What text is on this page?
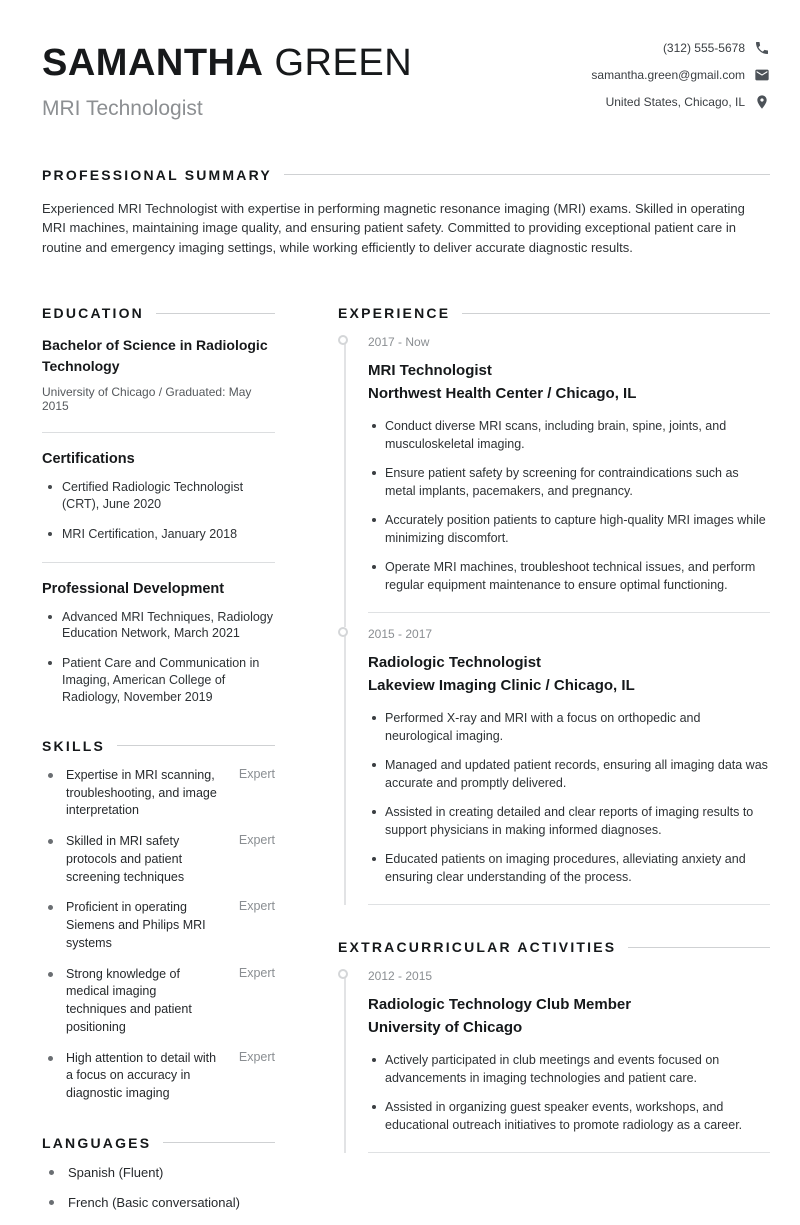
SAMANTHA GREEN
MRI Technologist
(312) 555-5678
samantha.green@gmail.com
United States, Chicago, IL
PROFESSIONAL SUMMARY

Experienced MRI Technologist with expertise in performing magnetic resonance imaging (MRI) exams. Skilled in operating MRI machines, maintaining image quality, and ensuring patient safety. Committed to providing exceptional patient care in routine and emergency imaging settings, while working efficiently to deliver accurate diagnostic results.

EDUCATION
Bachelor of Science in Radiologic Technology
University of Chicago / Graduated: May 2015
Certifications
Certified Radiologic Technologist (CRT), June 2020
MRI Certification, January 2018
Professional Development
Advanced MRI Techniques, Radiology Education Network, March 2021
Patient Care and Communication in Imaging, American College of Radiology, November 2019
SKILLS
Expertise in MRI scanning, troubleshooting, and image interpretation
Expert
Skilled in MRI safety protocols and patient screening techniques
Expert
Proficient in operating Siemens and Philips MRI systems
Expert
Strong knowledge of medical imaging techniques and patient positioning
Expert
High attention to detail with a focus on accuracy in diagnostic imaging
Expert
LANGUAGES
Spanish (Fluent)
French (Basic conversational)
EXPERIENCE
2017 - Now
MRI Technologist
Northwest Health Center / Chicago, IL
Conduct diverse MRI scans, including brain, spine, joints, and musculoskeletal imaging.
Ensure patient safety by screening for contraindications such as metal implants, pacemakers, and pregnancy.
Accurately position patients to capture high-quality MRI images while minimizing discomfort.
Operate MRI machines, troubleshoot technical issues, and perform regular equipment maintenance to ensure optimal functioning.
2015 - 2017
Radiologic Technologist
Lakeview Imaging Clinic / Chicago, IL
Performed X-ray and MRI with a focus on orthopedic and neurological imaging.
Managed and updated patient records, ensuring all imaging data was accurate and promptly delivered.
Assisted in creating detailed and clear reports of imaging results to support physicians in making informed diagnoses.
Educated patients on imaging procedures, alleviating anxiety and ensuring clear understanding of the process.
EXTRACURRICULAR ACTIVITIES
2012 - 2015
Radiologic Technology Club Member
University of Chicago
Actively participated in club meetings and events focused on advancements in imaging technologies and patient care.
Assisted in organizing guest speaker events, workshops, and educational outreach initiatives to promote radiology as a career.
